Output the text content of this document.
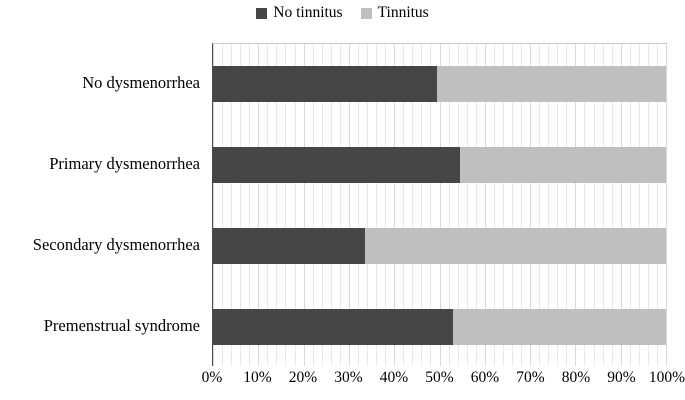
No tinnitus Tinnitus
No dysmenorrhea
Primary dysmenorrhea
Secondary dysmenorrhea
Premenstrual syndrome
0% 10% 20% 30% 40% 50% 60% 70% 80% 90% 100%
